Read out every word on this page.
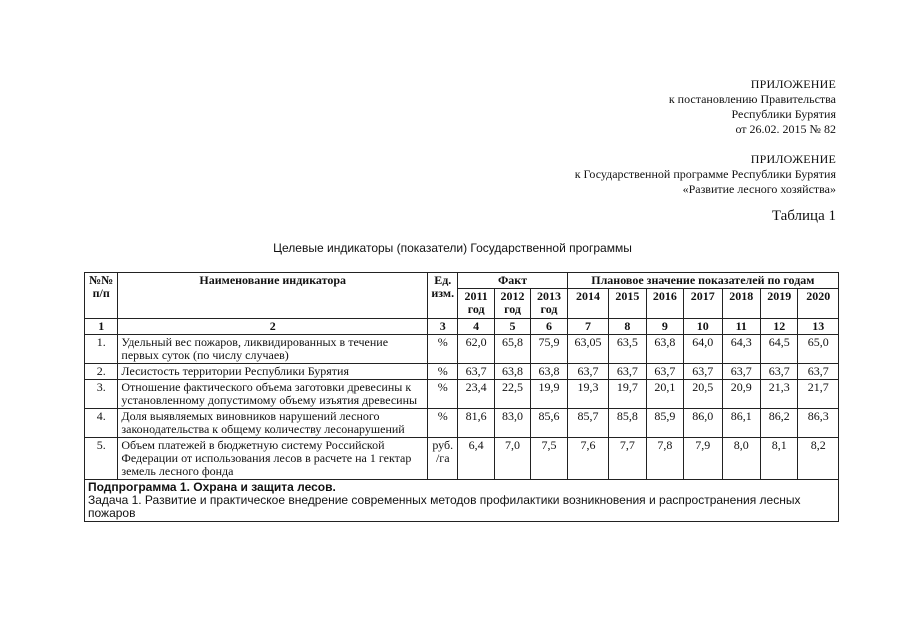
ПРИЛОЖЕНИЕ
к постановлению Правительства
Республики Бурятия
от 26.02. 2015 № 82
ПРИЛОЖЕНИЕ
к Государственной программе Республики Бурятия
«Развитие лесного хозяйства»
Таблица 1
Целевые индикаторы (показатели) Государственной программы
№№ п/п	Наименование индикатора	Ед. изм.	Факт			Плановое значение показателей по годам						
			2011 год	2012 год	2013 год	2014	2015	2016	2017	2018	2019	2020
1	2	3	4	5	6	7	8	9	10	11	12	13
1.	Удельный вес пожаров, ликвидированных в течение первых суток (по числу случаев)	%	62,0	65,8	75,9	63,05	63,5	63,8	64,0	64,3	64,5	65,0
2.	Лесистость территории Республики Бурятия	%	63,7	63,8	63,8	63,7	63,7	63,7	63,7	63,7	63,7	63,7
3.	Отношение фактического объема заготовки древесины к установленному допустимому объему изъятия древесины	%	23,4	22,5	19,9	19,3	19,7	20,1	20,5	20,9	21,3	21,7
4.	Доля выявляемых виновников нарушений лесного законодательства к общему количеству лесонарушений	%	81,6	83,0	85,6	85,7	85,8	85,9	86,0	86,1	86,2	86,3
5.	Объем платежей в бюджетную систему Российской Федерации от использования лесов в расчете на 1 гектар земель лесного фонда	руб. /га	6,4	7,0	7,5	7,6	7,7	7,8	7,9	8,0	8,1	8,2

Подпрограмма 1. Охрана и защита лесов.
Задача 1. Развитие и практическое внедрение современных методов профилактики возникновения и распространения лесных пожаров												
